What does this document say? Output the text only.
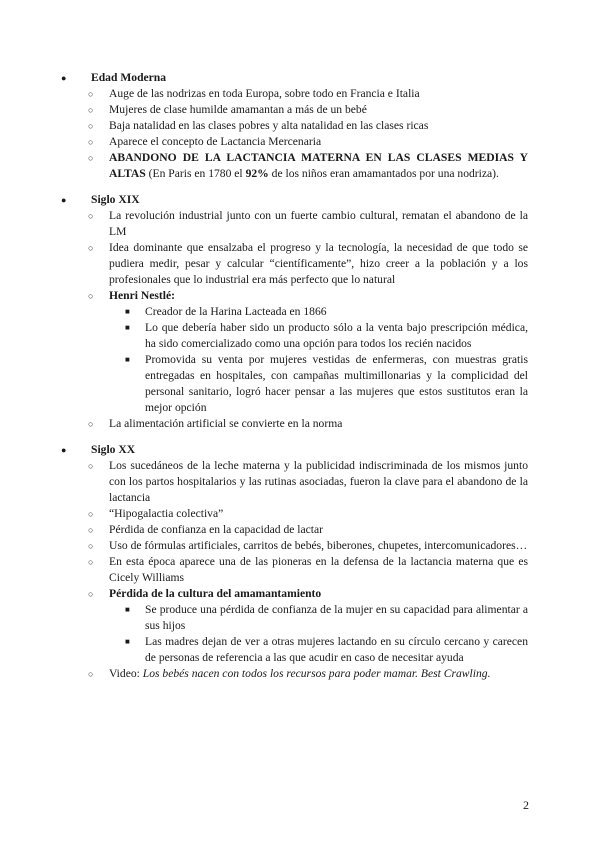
● Edad Moderna
○ Auge de las nodrizas en toda Europa, sobre todo en Francia e Italia
○ Mujeres de clase humilde amamantan a más de un bebé
○ Baja natalidad en las clases pobres y alta natalidad en las clases ricas
○ Aparece el concepto de Lactancia Mercenaria
○ ABANDONO DE LA LACTANCIA MATERNA EN LAS CLASES MEDIAS Y ALTAS (En Paris en 1780 el 92% de los niños eran amamantados por una nodriza).
● Siglo XIX
○ La revolución industrial junto con un fuerte cambio cultural, rematan el abandono de la LM
○ Idea dominante que ensalzaba el progreso y la tecnología, la necesidad de que todo se pudiera medir, pesar y calcular “científicamente”, hizo creer a la población y a los profesionales que lo industrial era más perfecto que lo natural
○ Henri Nestlé:
■ Creador de la Harina Lacteada en 1866
■ Lo que debería haber sido un producto sólo a la venta bajo prescripción médica, ha sido comercializado como una opción para todos los recién nacidos
■ Promovida su venta por mujeres vestidas de enfermeras, con muestras gratis entregadas en hospitales, con campañas multimillonarias y la complicidad del personal sanitario, logró hacer pensar a las mujeres que estos sustitutos eran la mejor opción
○ La alimentación artificial se convierte en la norma
● Siglo XX
○ Los sucedáneos de la leche materna y la publicidad indiscriminada de los mismos junto con los partos hospitalarios y las rutinas asociadas, fueron la clave para el abandono de la lactancia
○ “Hipogalactia colectiva”
○ Pérdida de confianza en la capacidad de lactar
○ Uso de fórmulas artificiales, carritos de bebés, biberones, chupetes, intercomunicadores…
○ En esta época aparece una de las pioneras en la defensa de la lactancia materna que es Cicely Williams
○ Pérdida de la cultura del amamantamiento
■ Se produce una pérdida de confianza de la mujer en su capacidad para alimentar a sus hijos
■ Las madres dejan de ver a otras mujeres lactando en su círculo cercano y carecen de personas de referencia a las que acudir en caso de necesitar ayuda
○ Video: Los bebés nacen con todos los recursos para poder mamar. Best Crawling.
2
